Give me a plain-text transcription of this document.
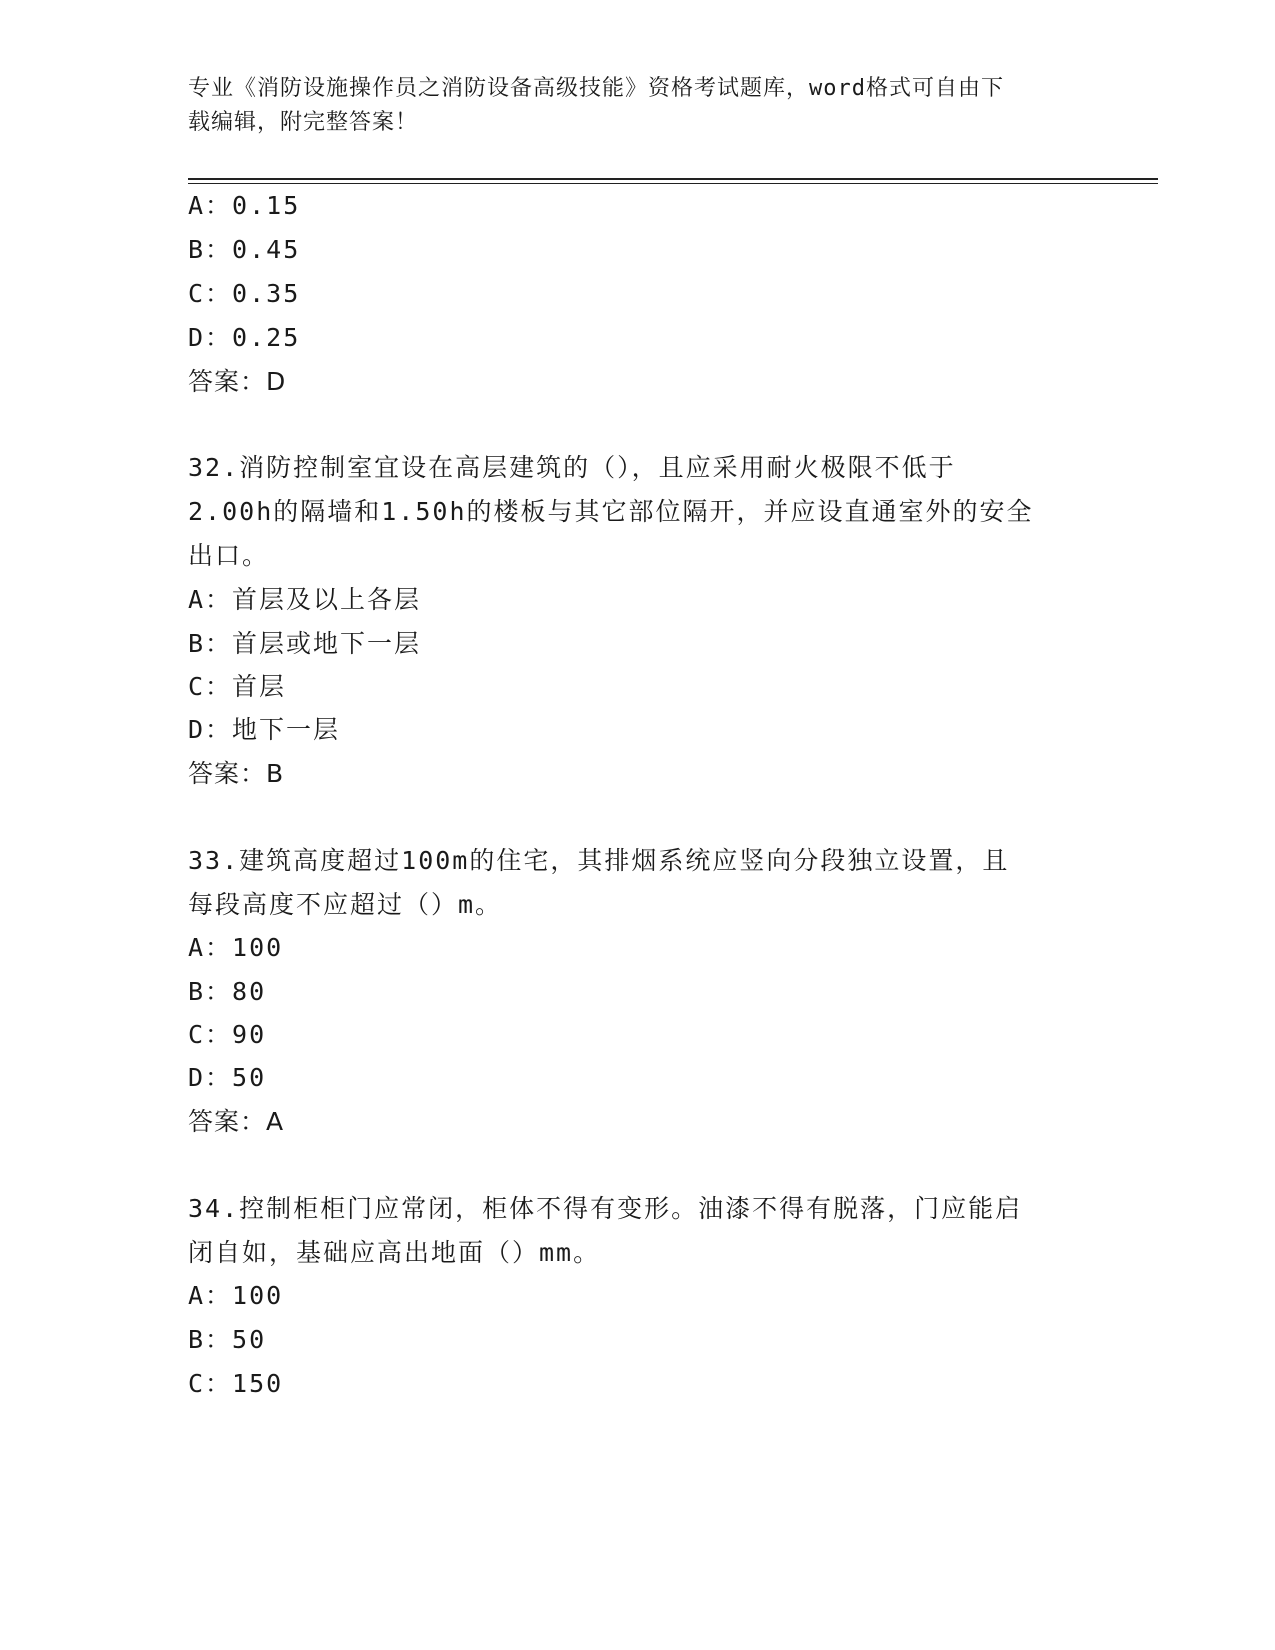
专业《消防设施操作员之消防设备高级技能》资格考试题库，word格式可自由下
载编辑，附完整答案！
A：0.15
B：0.45
C：0.35
D：0.25
答案：D
32.消防控制室宜设在高层建筑的（），且应采用耐火极限不低于
2.00h的隔墙和1.50h的楼板与其它部位隔开，并应设直通室外的安全
出口。
A：首层及以上各层
B：首层或地下一层
C：首层
D：地下一层
答案：B
33.建筑高度超过100m的住宅，其排烟系统应竖向分段独立设置，且
每段高度不应超过（）m。
A：100
B：80
C：90
D：50
答案：A
34.控制柜柜门应常闭，柜体不得有变形。油漆不得有脱落，门应能启
闭自如，基础应高出地面（）mm。
A：100
B：50
C：150
